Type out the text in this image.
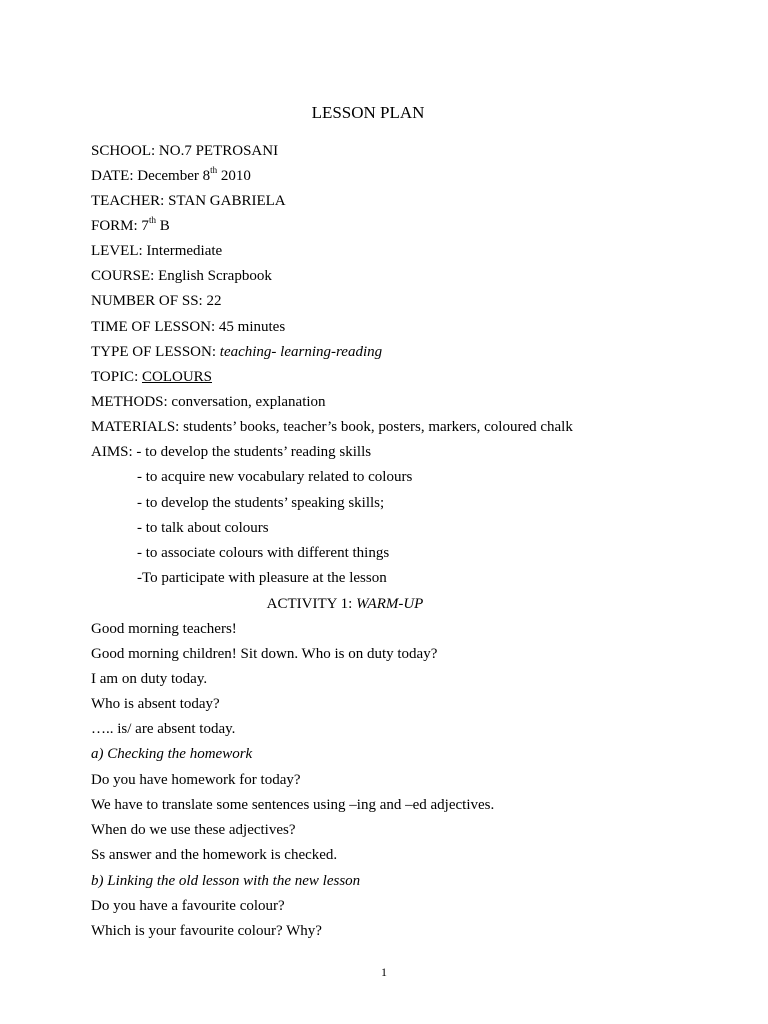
LESSON PLAN
SCHOOL: NO.7 PETROSANI
DATE: December 8th 2010
TEACHER: STAN GABRIELA
FORM: 7th B
LEVEL: Intermediate
COURSE: English Scrapbook
NUMBER OF SS: 22
TIME OF LESSON: 45 minutes
TYPE OF LESSON: teaching- learning-reading
TOPIC: COLOURS
METHODS: conversation, explanation
MATERIALS: students’ books, teacher’s book, posters, markers, coloured chalk
AIMS: - to develop the students’ reading skills
- to acquire new vocabulary related to colours
- to develop the students’ speaking skills;
- to talk about colours
- to associate colours with different things
-To participate with pleasure at the lesson
ACTIVITY 1: WARM-UP
Good morning teachers!
Good morning children! Sit down. Who is on duty today?
I am on duty today.
Who is absent today?
….. is/ are absent today.
a) Checking the homework
Do you have homework for today?
We have to translate some sentences using –ing and –ed adjectives.
When do we use these adjectives?
Ss answer and the homework is checked.
b) Linking the old lesson with the new lesson
Do you have a favourite colour?
Which is your favourite colour? Why?
1
